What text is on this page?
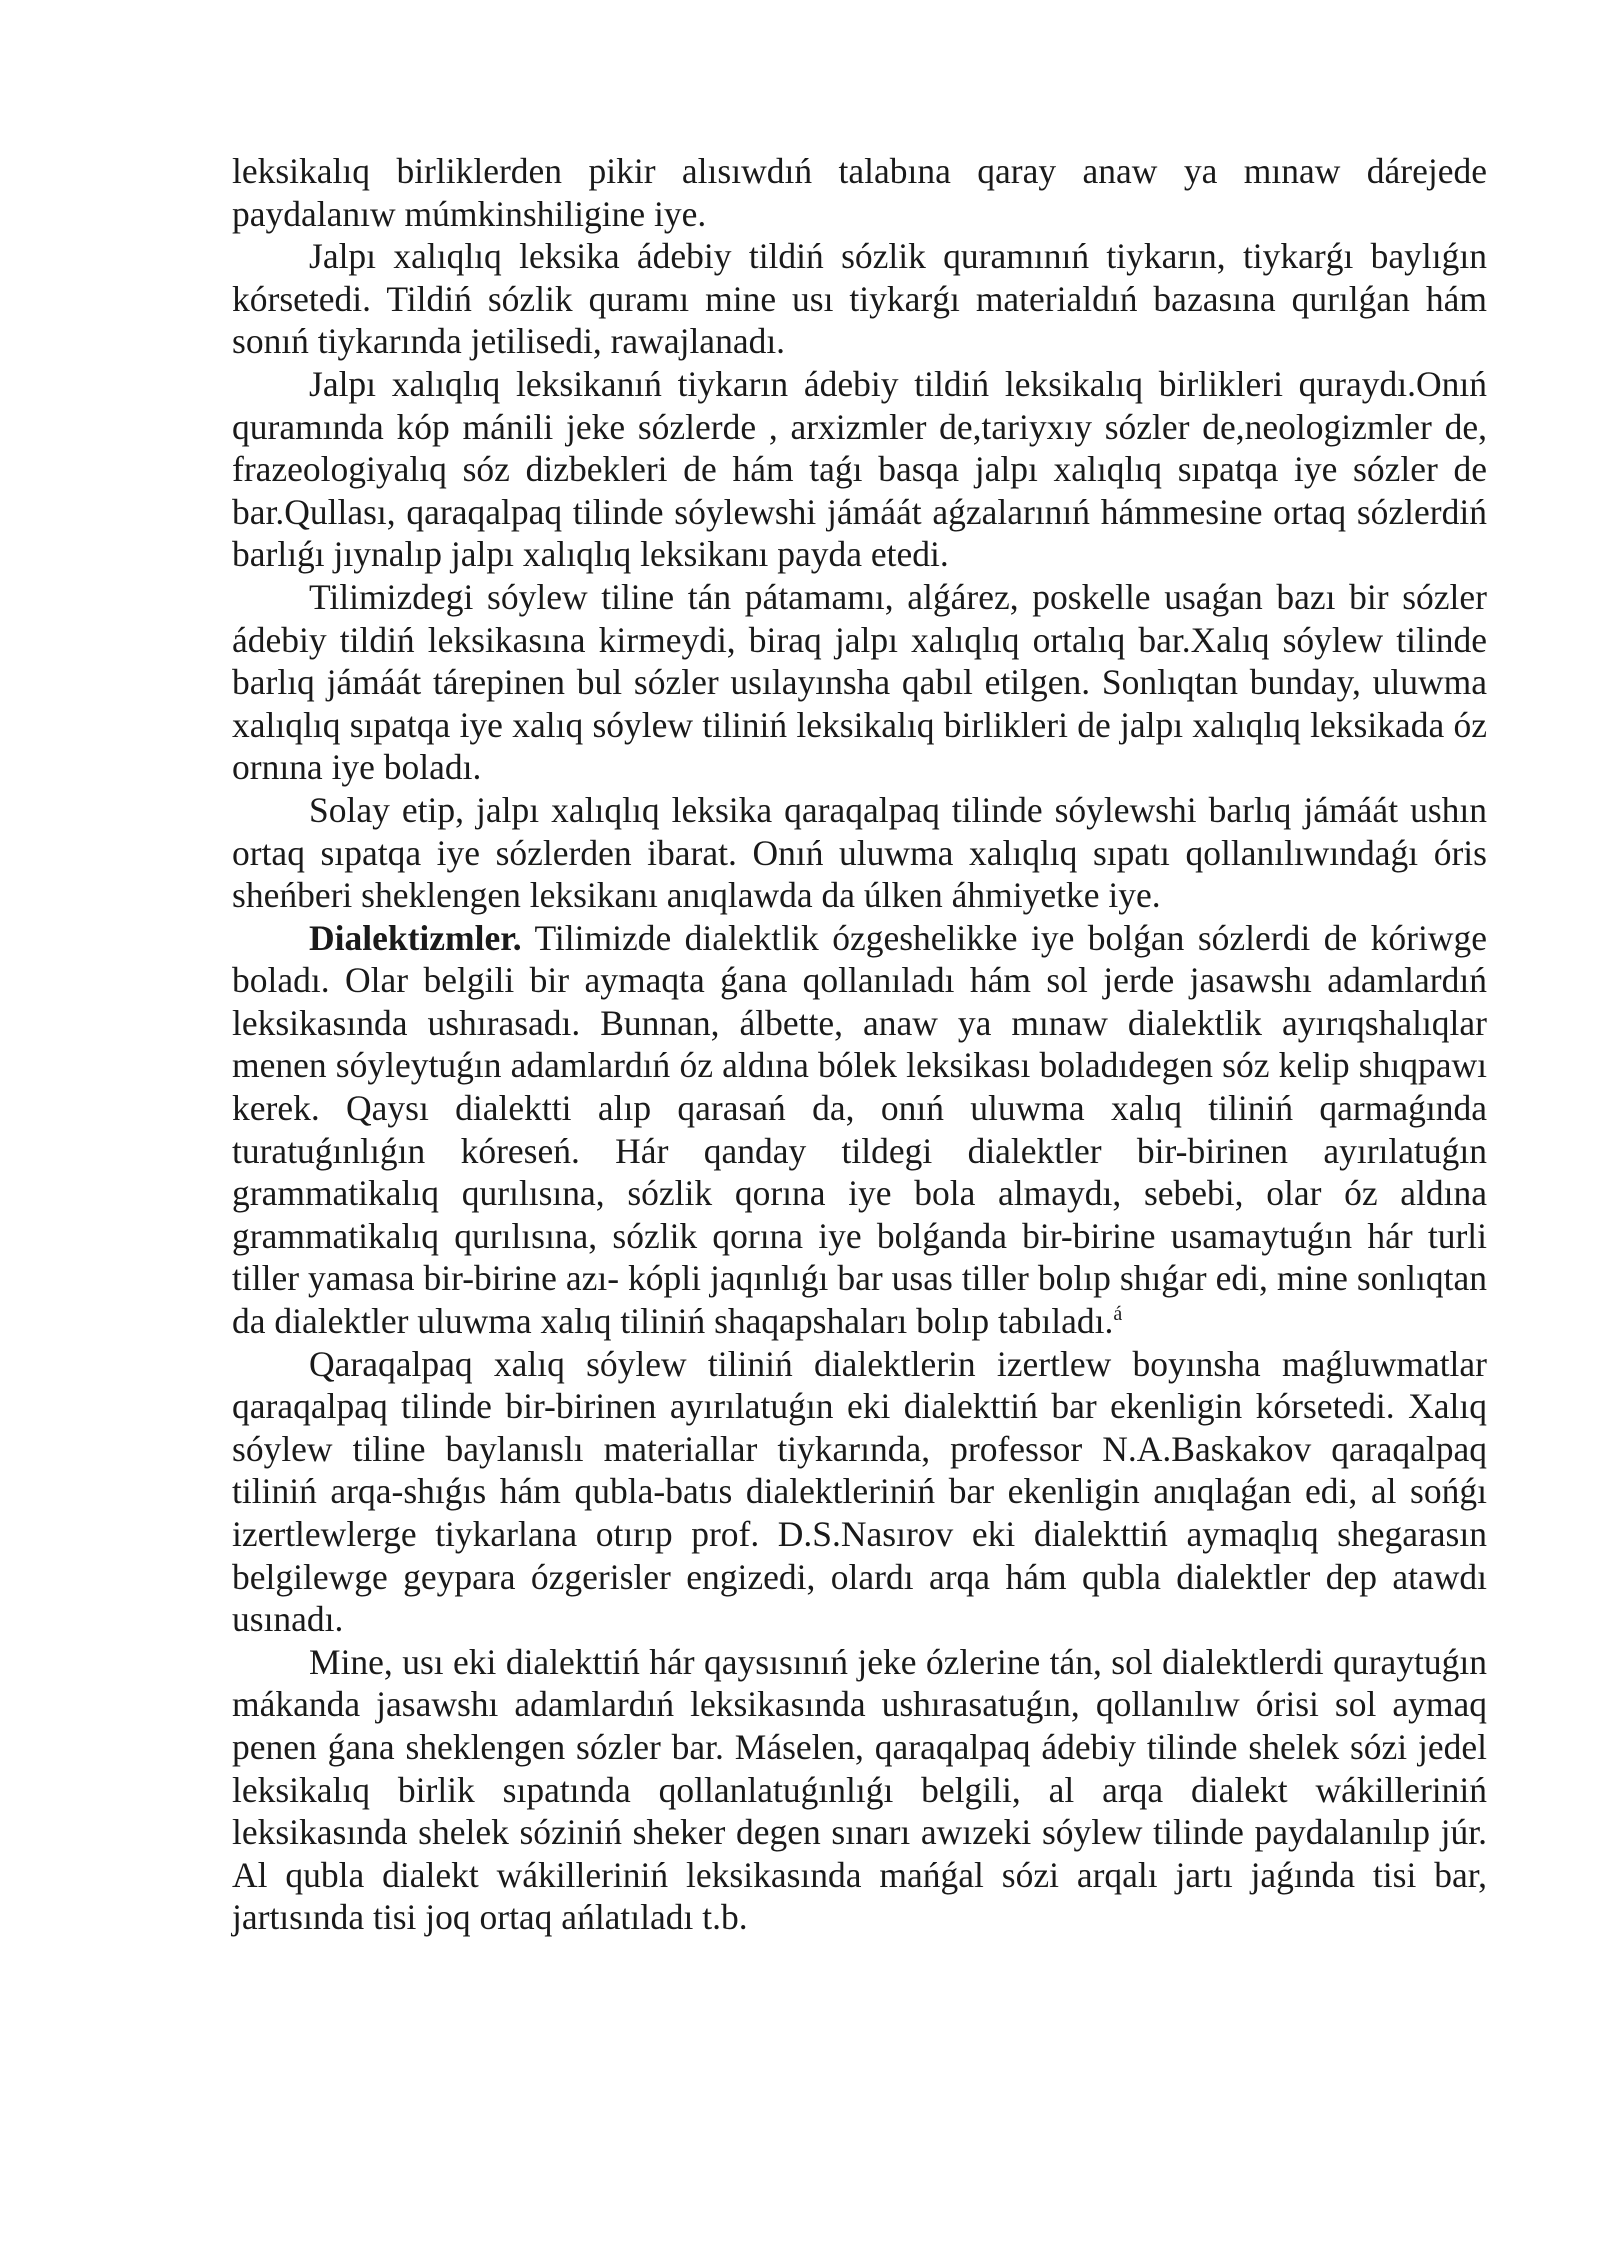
leksikalıq birliklerden pikir alısıwdıń talabına qaray anaw ya mınaw dárejede paydalanıw múmkinshiligine iye.

Jalpı xalıqlıq leksika ádebiy tildiń sózlik quramınıń tiykarın, tiykarǵı baylıǵın kórsetedi. Tildiń sózlik quramı mine usı tiykarǵı materialdıń bazasına qurılǵan hám sonıń tiykarında jetilisedi, rawajlanadı.

Jalpı xalıqlıq leksikanıń tiykarın ádebiy tildiń leksikalıq birlikleri quraydı.Onıń quramında kóp mánili jeke sózlerde , arxizmler de,tariyxıy sózler de,neologizmler de, frazeologiyalıq sóz dizbekleri de hám taǵı basqa jalpı xalıqlıq sıpatqa iye sózler de bar.Qullası, qaraqalpaq tilinde sóylewshi jámáát aǵzalarınıń hámmesine ortaq sózlerdiń barlıǵı jıynalıp jalpı xalıqlıq leksikanı payda etedi.

Tilimizdegi sóylew tiline tán pátamamı, alǵárez, poskelle usaǵan bazı bir sózler ádebiy tildiń leksikasına kirmeydi, biraq jalpı xalıqlıq ortalıq bar.Xalıq sóylew tilinde barlıq jámáát tárepinen bul sózler usılayınsha qabıl etilgen. Sonlıqtan bunday, uluwma xalıqlıq sıpatqa iye xalıq sóylew tiliniń leksikalıq birlikleri de jalpı xalıqlıq leksikada óz ornına iye boladı.

Solay etip, jalpı xalıqlıq leksika qaraqalpaq tilinde sóylewshi barlıq jámáát ushın ortaq sıpatqa iye sózlerden ibarat. Onıń uluwma xalıqlıq sıpatı qollanılıwındaǵı óris sheńberi sheklengen leksikanı anıqlawda da úlken áhmiyetke iye.

Dialektizmler. Tilimizde dialektlik ózgeshelikke iye bolǵan sózlerdi de kóriwge boladı. Olar belgili bir aymaqta ǵana qollanıladı hám sol jerde jasawshı adamlardıń leksikasında ushırasadı. Bunnan, álbette, anaw ya mınaw dialektlik ayırıqshalıqlar menen sóyleytuǵın adamlardıń óz aldına bólek leksikası boladıdegen sóz kelip shıqpawı kerek. Qaysı dialektti alıp qarasań da, onıń uluwma xalıq tiliniń qarmaǵında turatuǵınlıǵın kóreseń. Hár qanday tildegi dialektler bir-birinen ayırılatuǵın grammatikalıq qurılısına, sózlik qorına iye bola almaydı, sebebi, olar óz aldına grammatikalıq qurılısına, sózlik qorına iye bolǵanda bir-birine usamaytuǵın hár turli tiller yamasa bir-birine azı- kópli jaqınlıǵı bar usas tiller bolıp shıǵar edi, mine sonlıqtan da dialektler uluwma xalıq tiliniń shaqapshaları bolıp tabıladı.$^á$

Qaraqalpaq xalıq sóylew tiliniń dialektlerin izertlew boyınsha maǵluwmatlar qaraqalpaq tilinde bir-birinen ayırılatuǵın eki dialekttiń bar ekenligin kórsetedi. Xalıq sóylew tiline baylanıslı materiallar tiykarında, professor N.A.Baskakov qaraqalpaq tiliniń arqa-shıǵıs hám qubla-batıs dialektleriniń bar ekenligin anıqlaǵan edi, al sońǵı izertlewlerge tiykarlana otırıp prof. D.S.Nasırov eki dialekttiń aymaqlıq shegarasın belgilewge geypara ózgerisler engizedi, olardı arqa hám qubla dialektler dep atawdı usınadı.

Mine, usı eki dialekttiń hár qaysısınıń jeke ózlerine tán, sol dialektlerdi quraytuǵın mákanda jasawshı adamlardıń leksikasında ushırasatuǵın, qollanılıw órisi sol aymaq penen ǵana sheklengen sózler bar. Máselen, qaraqalpaq ádebiy tilinde shelek sózi jedel leksikalıq birlik sıpatında qollanlatuǵınlıǵı belgili, al arqa dialekt wákilleriniń leksikasında shelek sóziniń sheker degen sınarı awızeki sóylew tilinde paydalanılıp júr. Al qubla dialekt wákilleriniń leksikasında mańǵal sózi arqalı jartı jaǵında tisi bar, jartısında tisi joq ortaq ańlatıladı t.b.
